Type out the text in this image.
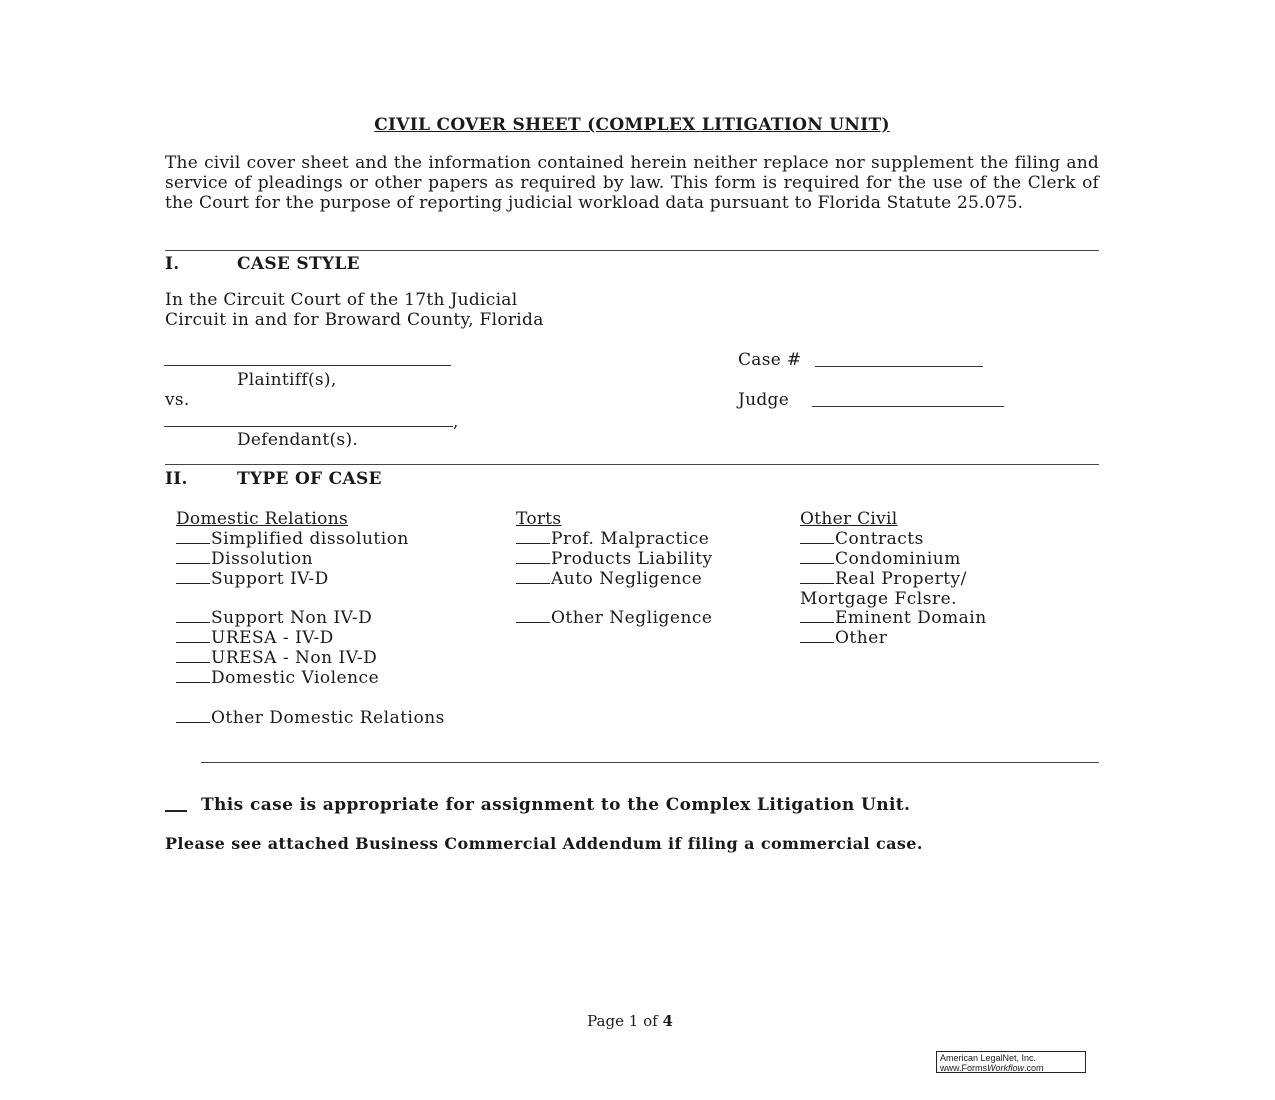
CIVIL COVER SHEET (COMPLEX LITIGATION UNIT)
The civil cover sheet and the information contained herein neither replace nor supplement the filing and service of pleadings or other papers as required by law. This form is required for the use of the Clerk of the Court for the purpose of reporting judicial workload data pursuant to Florida Statute 25.075.
I.	CASE STYLE
In the Circuit Court of the 17th Judicial
Circuit in and for Broward County, Florida
Plaintiff(s),
vs.
,
Defendant(s).
Case #
Judge
II.	TYPE OF CASE
Domestic Relations
Simplified dissolution
Dissolution
Support IV-D
Support Non IV-D
URESA - IV-D
URESA - Non IV-D
Domestic Violence
Other Domestic Relations
Torts
Prof. Malpractice
Products Liability
Auto Negligence
Other Negligence
Other Civil
Contracts
Condominium
Real Property/
Mortgage Fclsre.
Eminent Domain
Other
This case is appropriate for assignment to the Complex Litigation Unit.
Please see attached Business Commercial Addendum if filing a commercial case.
Page 1 of 4
American LegalNet, Inc.
www.FormsWorkflow.com
